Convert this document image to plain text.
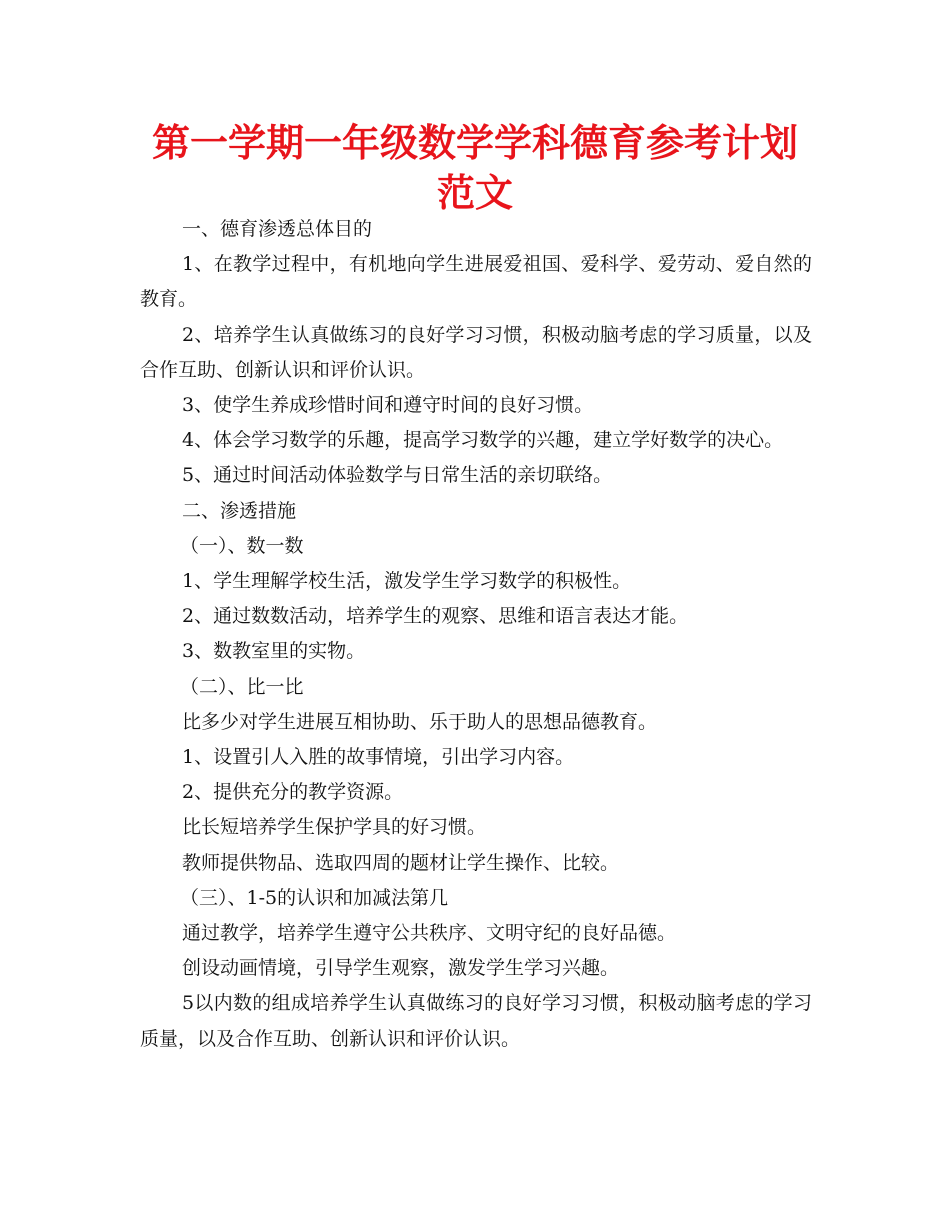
第一学期一年级数学学科德育参考计划范文

一、德育渗透总体目的

1、在教学过程中，有机地向学生进展爱祖国、爱科学、爱劳动、爱自然的教育。

2、培养学生认真做练习的良好学习习惯，积极动脑考虑的学习质量，以及合作互助、创新认识和评价认识。

3、使学生养成珍惜时间和遵守时间的良好习惯。

4、体会学习数学的乐趣，提高学习数学的兴趣，建立学好数学的决心。

5、通过时间活动体验数学与日常生活的亲切联络。

二、渗透措施

（一）、数一数

1、学生理解学校生活，激发学生学习数学的积极性。

2、通过数数活动，培养学生的观察、思维和语言表达才能。

3、数教室里的实物。

（二）、比一比

比多少对学生进展互相协助、乐于助人的思想品德教育。

1、设置引人入胜的故事情境，引出学习内容。

2、提供充分的教学资源。

比长短培养学生保护学具的好习惯。

教师提供物品、选取四周的题材让学生操作、比较。

（三）、1-5的认识和加减法第几

通过教学，培养学生遵守公共秩序、文明守纪的良好品德。

创设动画情境，引导学生观察，激发学生学习兴趣。

5以内数的组成培养学生认真做练习的良好学习习惯，积极动脑考虑的学习质量，以及合作互助、创新认识和评价认识。
